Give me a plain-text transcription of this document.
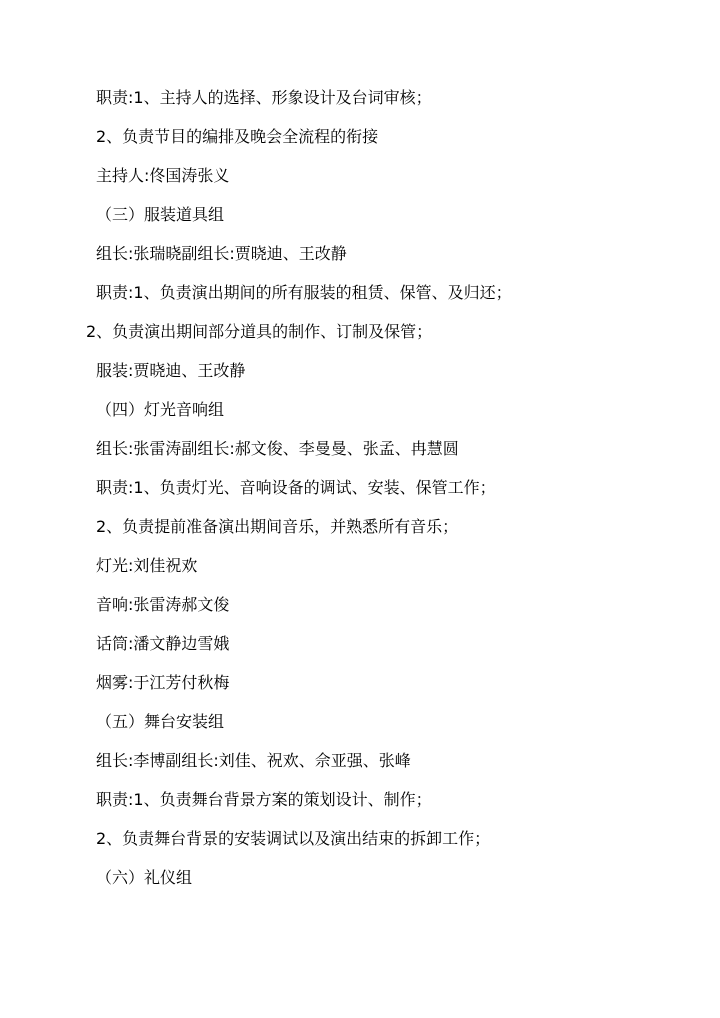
职责:1、主持人的选择、形象设计及台词审核；
2、负责节目的编排及晚会全流程的衔接
主持人:佟国涛张义
（三）服装道具组
组长:张瑞晓副组长:贾晓迪、王改静
职责:1、负责演出期间的所有服装的租赁、保管、及归还；
2、负责演出期间部分道具的制作、订制及保管；
服装:贾晓迪、王改静
（四）灯光音响组
组长:张雷涛副组长:郝文俊、李曼曼、张孟、冉慧圆
职责:1、负责灯光、音响设备的调试、安装、保管工作；
2、负责提前准备演出期间音乐，并熟悉所有音乐；
灯光:刘佳祝欢
音响:张雷涛郝文俊
话筒:潘文静边雪娥
烟雾:于江芳付秋梅
（五）舞台安装组
组长:李博副组长:刘佳、祝欢、佘亚强、张峰
职责:1、负责舞台背景方案的策划设计、制作；
2、负责舞台背景的安装调试以及演出结束的拆卸工作；
（六）礼仪组
